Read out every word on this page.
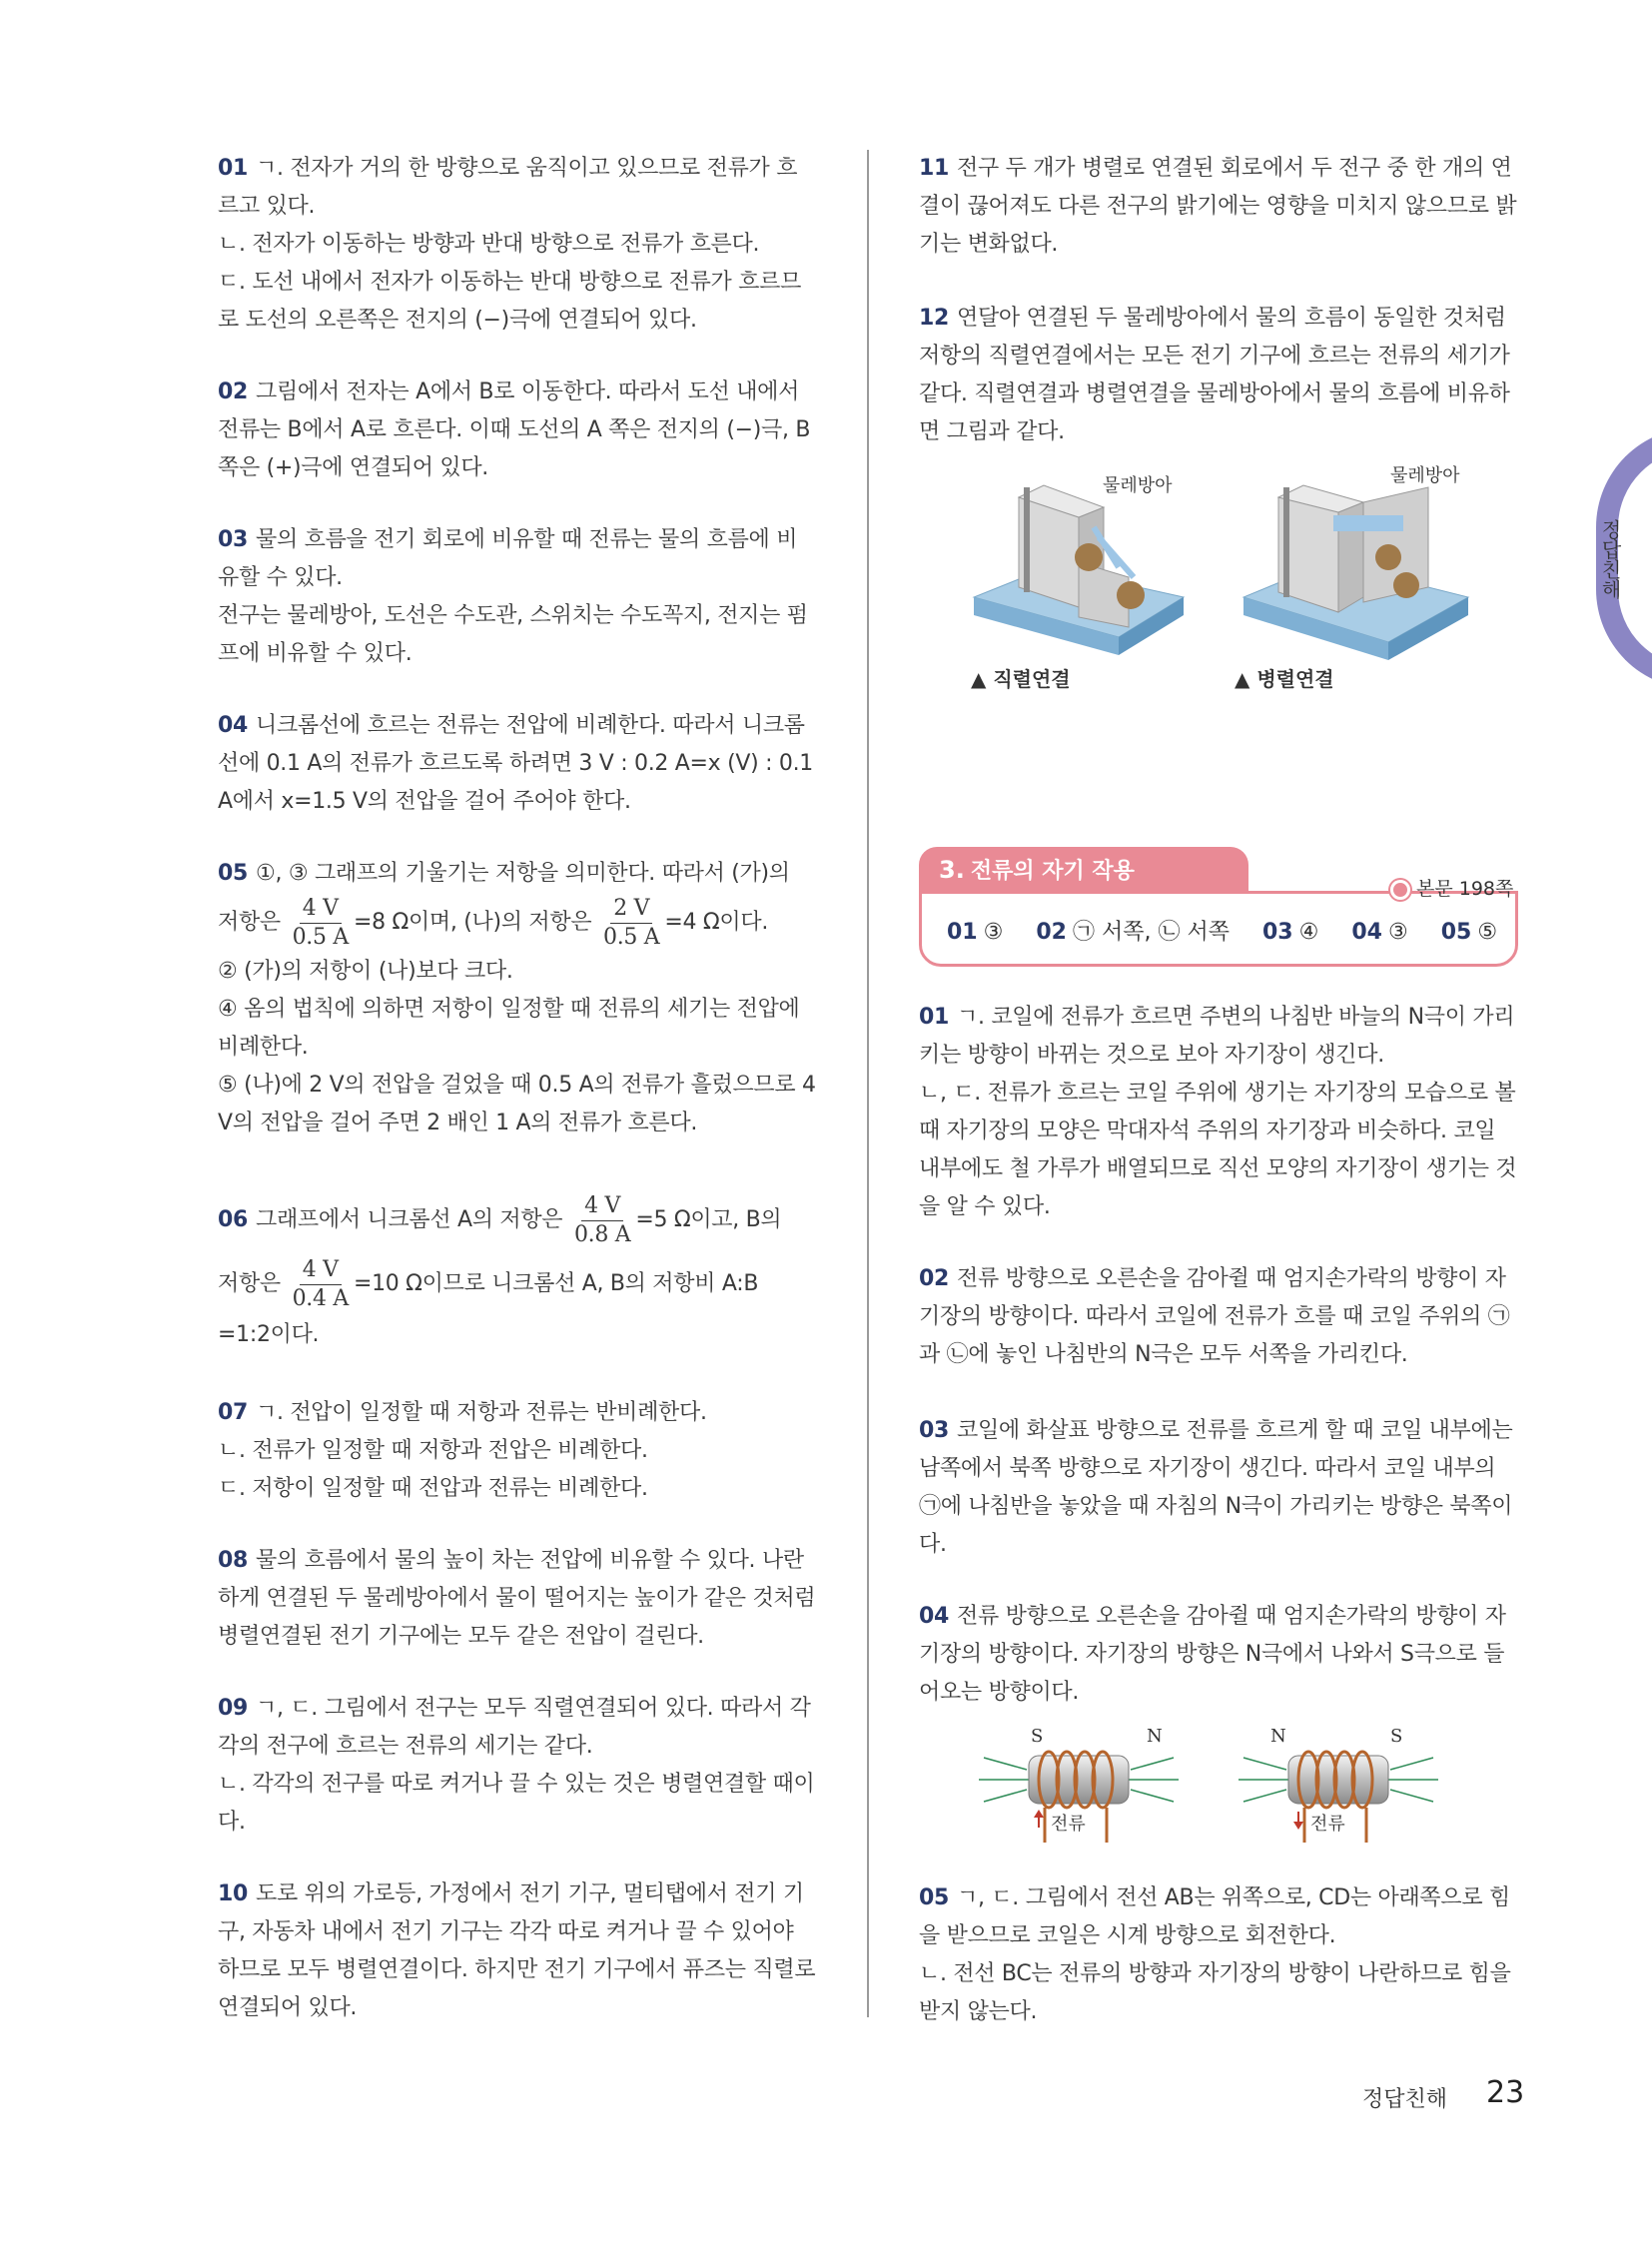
01 ㄱ. 전자가 거의 한 방향으로 움직이고 있으므로 전류가 흐르고 있다.

ㄴ. 전자가 이동하는 방향과 반대 방향으로 전류가 흐른다.

ㄷ. 도선 내에서 전자가 이동하는 반대 방향으로 전류가 흐르므로 도선의 오른쪽은 전지의 (−)극에 연결되어 있다.

02 그림에서 전자는 A에서 B로 이동한다. 따라서 도선 내에서 전류는 B에서 A로 흐른다. 이때 도선의 A 쪽은 전지의 (−)극, B 쪽은 (+)극에 연결되어 있다.

03 물의 흐름을 전기 회로에 비유할 때 전류는 물의 흐름에 비유할 수 있다.

전구는 물레방아, 도선은 수도관, 스위치는 수도꼭지, 전지는 펌프에 비유할 수 있다.

04 니크롬선에 흐르는 전류는 전압에 비례한다. 따라서 니크롬선에 0.1 A의 전류가 흐르도록 하려면 3 V : 0.2 A=x (V) : 0.1 A에서 x=1.5 V의 전압을 걸어 주어야 한다.

05 ①, ③ 그래프의 기울기는 저항을 의미한다. 따라서 (가)의

저항은 $\frac{4 V}{0.5 A} =8$ Ω이며, (나)의 저항은 $\frac{2 V}{0.5 A} =4$ Ω이다.

② (가)의 저항이 (나)보다 크다.

④ 옴의 법칙에 의하면 저항이 일정할 때 전류의 세기는 전압에 비례한다.

⑤ (나)에 2 V의 전압을 걸었을 때 0.5 A의 전류가 흘렀으므로 4 V의 전압을 걸어 주면 2 배인 1 A의 전류가 흐른다.

06 그래프에서 니크롬선 A의 저항은 $\frac{4 V}{0.8 A} =5$ Ω이고, B의

저항은 $\frac{4 V}{0.4 A} =10$ Ω이므로 니크롬선 A, B의 저항비 A:B

=1:2이다.

07 ㄱ. 전압이 일정할 때 저항과 전류는 반비례한다.

ㄴ. 전류가 일정할 때 저항과 전압은 비례한다.

ㄷ. 저항이 일정할 때 전압과 전류는 비례한다.

08 물의 흐름에서 물의 높이 차는 전압에 비유할 수 있다. 나란하게 연결된 두 물레방아에서 물이 떨어지는 높이가 같은 것처럼 병렬연결된 전기 기구에는 모두 같은 전압이 걸린다.

09 ㄱ, ㄷ. 그림에서 전구는 모두 직렬연결되어 있다. 따라서 각각의 전구에 흐르는 전류의 세기는 같다.

ㄴ. 각각의 전구를 따로 켜거나 끌 수 있는 것은 병렬연결할 때이다.

10 도로 위의 가로등, 가정에서 전기 기구, 멀티탭에서 전기 기구, 자동차 내에서 전기 기구는 각각 따로 켜거나 끌 수 있어야 하므로 모두 병렬연결이다. 하지만 전기 기구에서 퓨즈는 직렬로 연결되어 있다.

11 전구 두 개가 병렬로 연결된 회로에서 두 전구 중 한 개의 연결이 끊어져도 다른 전구의 밝기에는 영향을 미치지 않으므로 밝기는 변화없다.

12 연달아 연결된 두 물레방아에서 물의 흐름이 동일한 것처럼 저항의 직렬연결에서는 모든 전기 기구에 흐르는 전류의 세기가 같다. 직렬연결과 병렬연결을 물레방아에서 물의 흐름에 비유하면 그림과 같다.

물레방아	물레방아
▲ 직렬연결	▲ 병렬연결
3. 전류의 자기 작용
본문 198쪽
01 ③ 02 ㉠ 서쪽, ㉡ 서쪽 03 ④ 04 ③ 05 ⑤

01 ㄱ. 코일에 전류가 흐르면 주변의 나침반 바늘의 N극이 가리키는 방향이 바뀌는 것으로 보아 자기장이 생긴다.

ㄴ, ㄷ. 전류가 흐르는 코일 주위에 생기는 자기장의 모습으로 볼 때 자기장의 모양은 막대자석 주위의 자기장과 비슷하다. 코일 내부에도 철 가루가 배열되므로 직선 모양의 자기장이 생기는 것을 알 수 있다.

02 전류 방향으로 오른손을 감아쥘 때 엄지손가락의 방향이 자기장의 방향이다. 따라서 코일에 전류가 흐를 때 코일 주위의 ㉠과 ㉡에 놓인 나침반의 N극은 모두 서쪽을 가리킨다.

03 코일에 화살표 방향으로 전류를 흐르게 할 때 코일 내부에는 남쪽에서 북쪽 방향으로 자기장이 생긴다. 따라서 코일 내부의 ㉠에 나침반을 놓았을 때 자침의 N극이 가리키는 방향은 북쪽이다.

04 전류 방향으로 오른손을 감아쥘 때 엄지손가락의 방향이 자기장의 방향이다. 자기장의 방향은 N극에서 나와서 S극으로 들어오는 방향이다.

05 ㄱ, ㄷ. 그림에서 전선 AB는 위쪽으로, CD는 아래쪽으로 힘을 받으므로 코일은 시계 방향으로 회전한다.

ㄴ. 전선 BC는 전류의 방향과 자기장의 방향이 나란하므로 힘을 받지 않는다.

S	N
전류
N	S
전류
정답친해
정답친해 23
